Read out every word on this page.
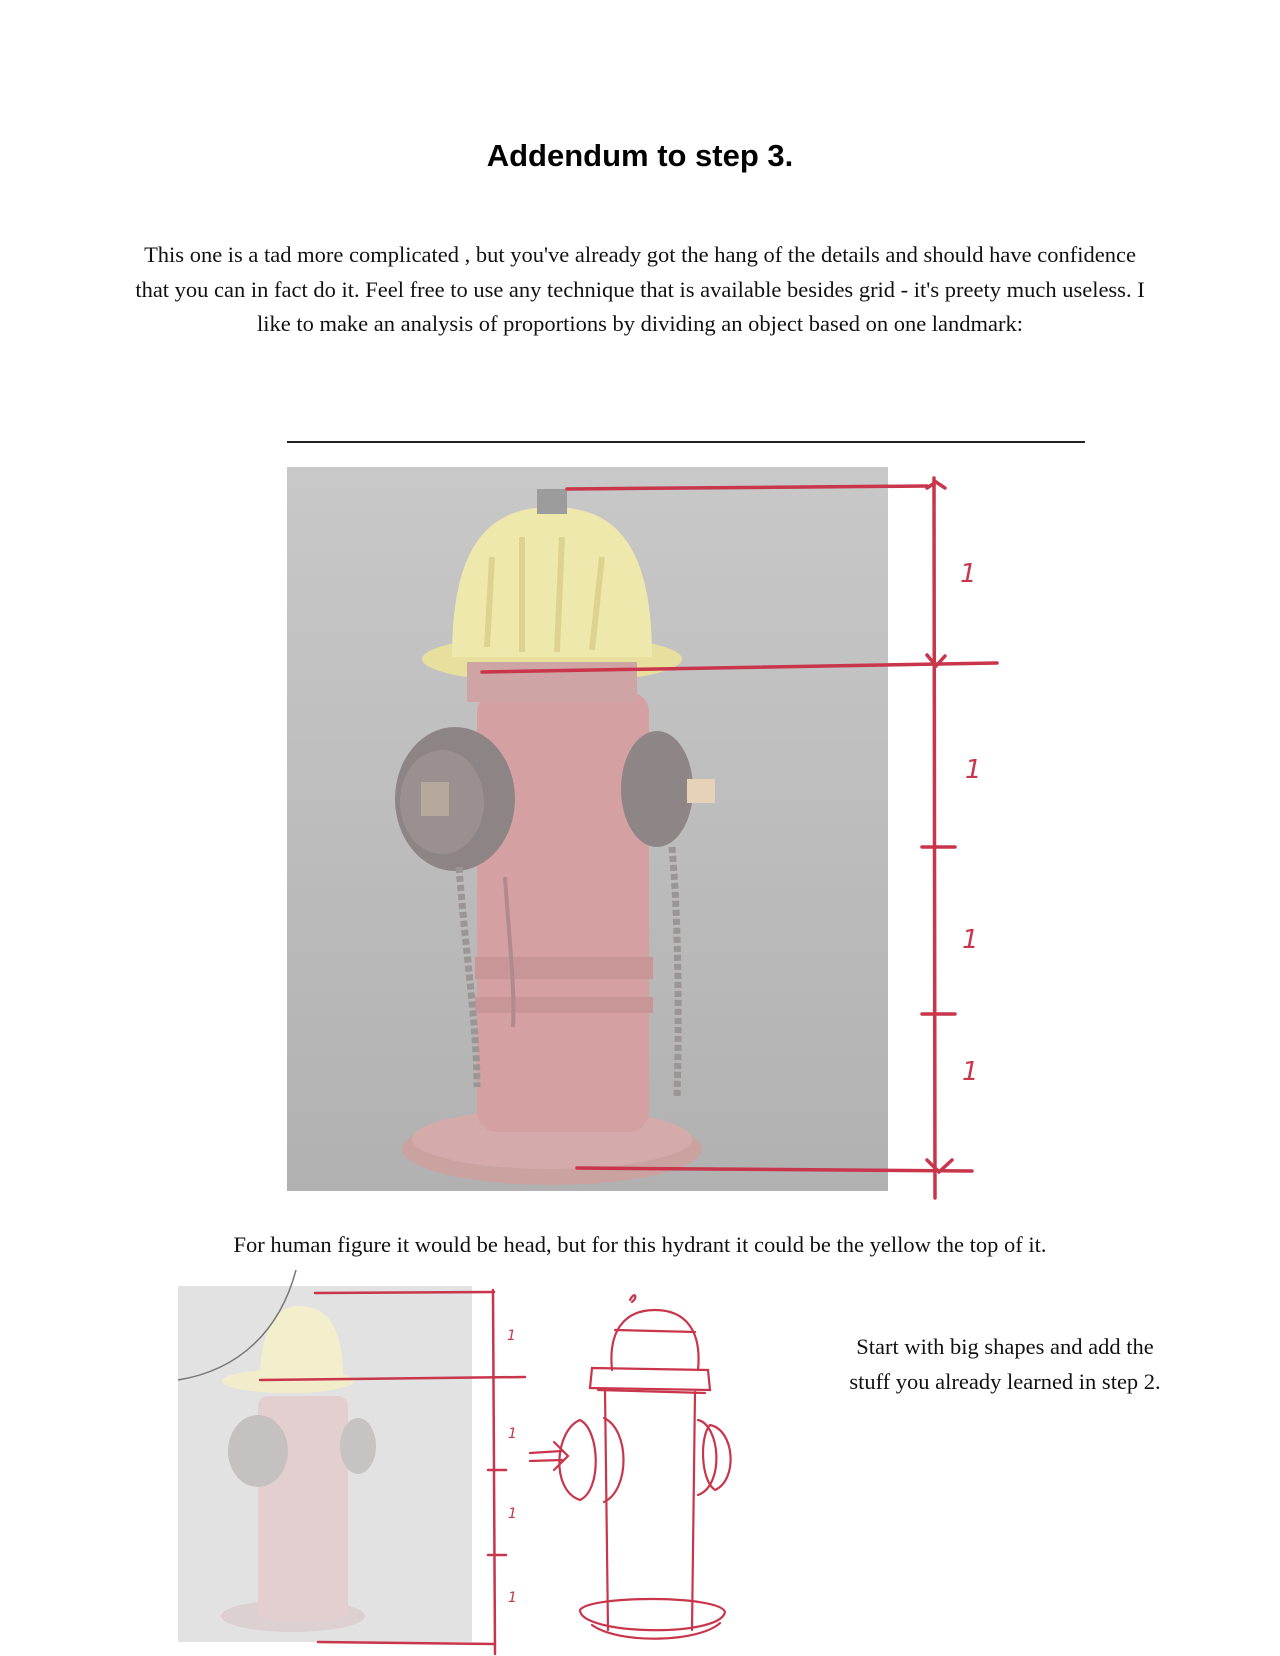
Addendum to step 3.
This one is a tad more complicated , but you've already got the hang of the details and should have confidence that you can in fact do it. Feel free to use any technique that is available besides grid - it's preety much useless. I like to make an analysis of proportions by dividing an object based on one landmark:
1
1
1
1
For human figure it would be head, but for this hydrant it could be the yellow the top of it.
1
1
1
1
Start with big shapes and add the stuff you already learned in step 2.
